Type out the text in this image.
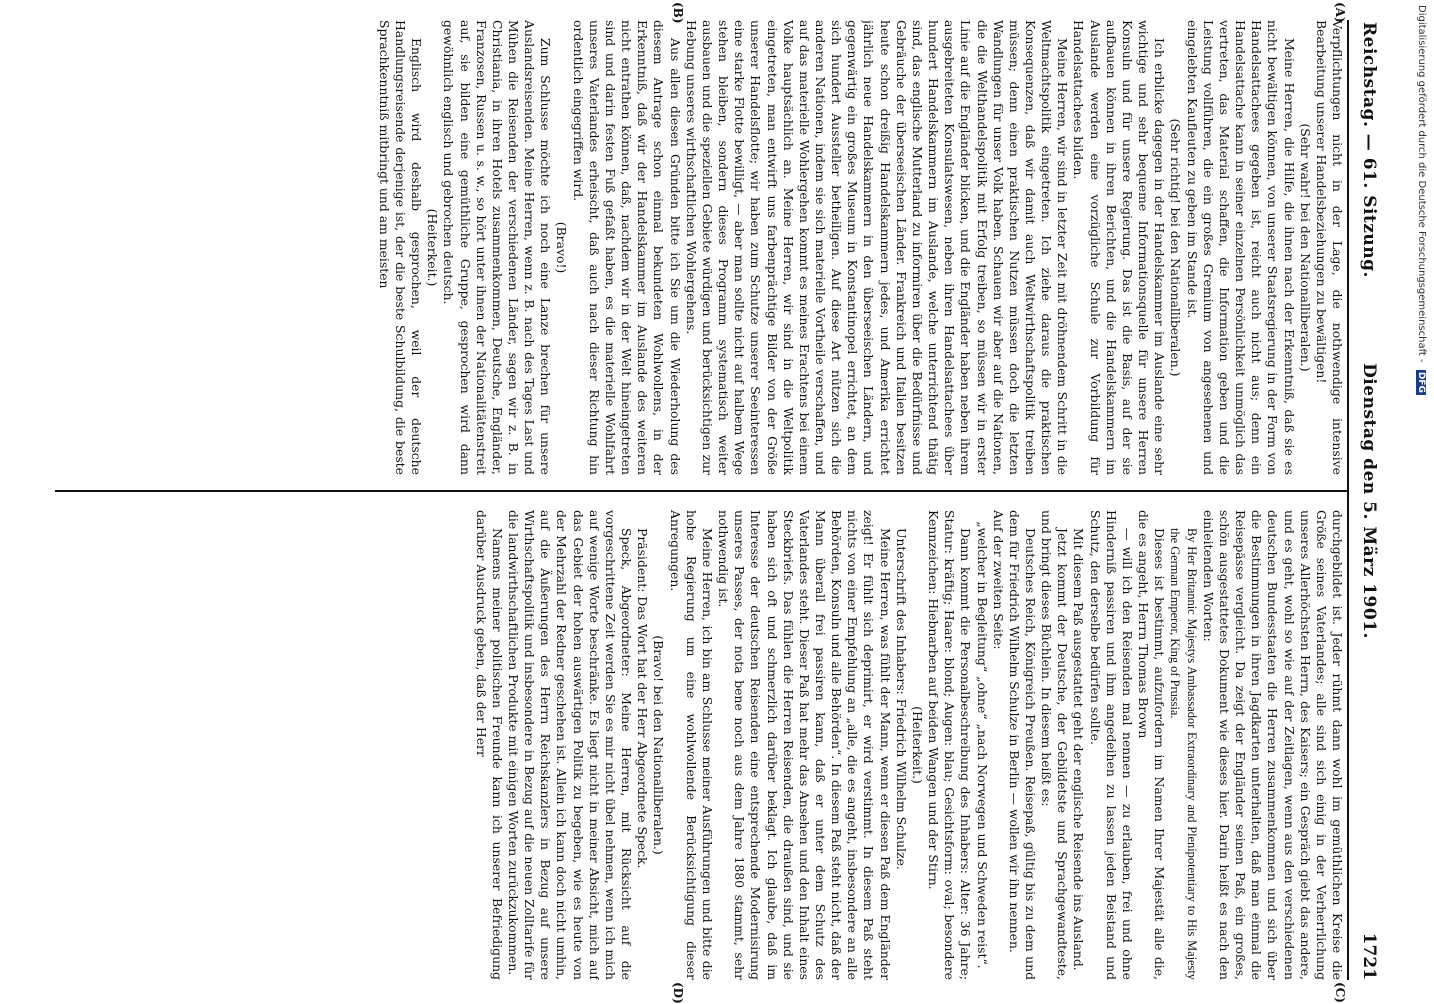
Reichstag. — 61. Sitzung.
Dienstag den 5. März 1901.
1721
(A)
(B)
(C)
(D)

Verpflichtungen nicht in der Lage, die nothwendige intensive Bearbeitung unserer Handelsbeziehungen zu bewältigen!

(Sehr wahr! bei den Nationalliberalen.)

Meine Herren, die Hilfe, die ihnen nach der Erkenntniß, daß sie es nicht bewältigen können, von unserer Staatsregierung in der Form von Handelsattachees gegeben ist, reicht auch nicht aus; denn ein Handelsattache kann in seiner einzelnen Persönlichkeit unmöglich das vertreten, das Material schaffen, die Information geben und die Leistung vollführen, die ein großes Gremium von angesehenen und eingelebten Kaufleuten zu geben im Stande ist.

(Sehr richtig! bei den Nationalliberalen.)

Ich erblicke dagegen in der Handelskammer im Auslande eine sehr wichtige und sehr bequeme Informationsquelle für unsere Herren Konsuln und für unsere Regierung. Das ist die Basis, auf der sie aufbauen können in ihren Berichten, und die Handelskammern im Auslande werden eine vorzügliche Schule zur Vorbildung für Handelsattachees bilden.

Meine Herren, wir sind in letzter Zeit mit dröhnendem Schritt in die Weltmachtspolitik eingetreten. Ich ziehe daraus die praktischen Konsequenzen, daß wir damit auch Weltwirthschaftspolitik treiben müssen; denn einen praktischen Nutzen müssen doch die letzten Wandlungen für unser Volk haben. Schauen wir aber auf die Nationen, die die Welthandelspolitik mit Erfolg treiben, so müssen wir in erster Linie auf die Engländer blicken, und die Engländer haben neben ihrem ausgebreiteten Konsulatswesen, neben ihren Handelsattachees über hundert Handelskammern im Auslande, welche unterrichtend thätig sind, das englische Mutterland zu informiren über die Bedürfnisse und Gebräuche der überseeischen Länder. Frankreich und Italien besitzen heute schon dreißig Handelskammern jedes, und Amerika errichtet jährlich neue Handelskammern in den überseeischen Ländern, und gegenwärtig ein großes Museum in Konstantinopel errichtet, an dem sich hundert Aussteller betheiligen. Auf diese Art nützen sich die anderen Nationen, indem sie sich materielle Vortheile verschaffen, und auf das materielle Wohlergehen kommt es meines Erachtens bei einem Volke hauptsächlich an. Meine Herren, wir sind in die Weltpolitik eingetreten, man entwirft uns farbenprächtige Bilder von der Größe unserer Handelsflotte; wir haben zum Schutze unserer Seeinteressen eine starke Flotte bewilligt, — aber man sollte nicht auf halbem Wege stehen bleiben, sondern dieses Programm systematisch weiter ausbauen und die speziellen Gebiete würdigen und berücksichtigen zur Hebung unseres wirthschaftlichen Wohlergehens.

Aus allen diesen Gründen bitte ich Sie um die Wiederholung des diesem Antrage schon einmal bekundeten Wohlwollens, in der Erkenntniß, daß wir der Handelskammer im Auslande des weiteren nicht entrathen können, daß, nachdem wir in der Welt hineingetreten sind und darin festen Fuß gefaßt haben, es die materielle Wohlfahrt unseres Vaterlandes erheischt, daß auch nach dieser Richtung hin ordentlich eingegriffen wird.

(Bravo!)

Zum Schlusse möchte ich noch eine Lanze brechen für unsere Auslandsreisenden. Meine Herren, wenn z. B. nach des Tages Last und Mühen die Reisenden der verschiedenen Länder, sagen wir z. B. in Christiania, in ihren Hotels zusammenkommen, Deutsche, Engländer, Franzosen, Russen u. s. w., so hört unter ihnen der Nationalitätenstreit auf, sie bilden eine gemüthliche Gruppe, gesprochen wird dann gewöhnlich englisch und gebrochen deutsch.

(Heiterkeit.)

Englisch wird deshalb gesprochen, weil der deutsche Handlungsreisende derjenige ist, der die beste Schulbildung, die beste Sprachkenntniß mitbringt und am meisten

durchgebildet ist. Jeder rühmt dann wohl im gemüthlichen Kreise die Größe seines Vaterlandes; alle sind sich einig in der Verherrlichung unseres Allerhöchsten Herrn, des Kaisers; ein Gespräch giebt das andere, und es geht, wohl so wie auf der Zeitlagen, wenn aus den verschiedenen deutschen Bundesstaaten die Herren zusammenkommen und sich über die Bestimmungen in ihren Jagdkarten unterhalten, daß man einmal die Reisepässe vergleicht. Da zeigt der Engländer seinen Paß, ein großes, schön ausgestattetes Dokument wie dieses hier. Darin heißt es nach den einleitenden Worten:

By Her Britannic Majestys Ambassador Extraordinary and Plenipotentiary to His Majesty the German Emperor, King of Prussia.

Dieses ist bestimmt, aufzufordern im Namen Ihrer Majestät alle die, die es angeht, Herrn Thomas Brown

— will ich den Reisenden mal nennen — zu erlauben, frei und ohne Hinderniß passiren und ihm angedeihen zu lassen jeden Beistand und Schutz, den derselbe bedürfen sollte.

Mit diesem Paß ausgestattet geht der englische Reisende ins Ausland.

Jetzt kommt der Deutsche, der Gebildetste und Sprachgewandteste, und bringt dieses Büchlein. In diesem heißt es:

Deutsches Reich, Königreich Preußen. Reisepaß, gültig bis zu dem und dem für Friedrich Wilhelm Schulze in Berlin — wollen wir ihn nennen.

Auf der zweiten Seite:

„welcher in Begleitung“ „ohne“ „nach Norwegen und Schweden reist“.

Dann kommt die Personalbeschreibung des Inhabers: Alter: 36 Jahre; Statur: kräftig; Haare: blond; Augen: blau; Gesichtsform: oval; besondere Kennzeichen: Hiebnarben auf beiden Wangen und der Stirn.

(Heiterkeit.)

Unterschrift des Inhabers: Friedrich Wilhelm Schulze.

Meine Herren, was fühlt der Mann, wenn er diesen Paß dem Engländer zeigt! Er fühlt sich deprimirt, er wird verstimmt. In diesem Paß steht nichts von einer Empfehlung an „alle, die es angeht, insbesondere an alle Behörden, Konsuln und alle Behörden“. In diesem Paß steht nicht, daß der Mann überall frei passiren kann, daß er unter dem Schutz des Vaterlandes steht. Dieser Paß hat mehr das Ansehen und den Inhalt eines Steckbriefs. Das fühlen die Herren Reisenden, die draußen sind, und sie haben sich oft und schmerzlich darüber beklagt. Ich glaube, daß im Interesse der deutschen Reisenden eine entsprechende Modernisirung unseres Passes, der nota bene noch aus dem Jahre 1880 stammt, sehr nothwendig ist.

Meine Herren, ich bin am Schlusse meiner Ausführungen und bitte die hohe Regierung um eine wohlwollende Berücksichtigung dieser Anregungen.

(Bravo! bei den Nationalliberalen.)

Präsident: Das Wort hat der Herr Abgeordnete Speck.

Speck, Abgeordneter: Meine Herren, mit Rücksicht auf die vorgeschrittene Zeit werden Sie es mir nicht übel nehmen, wenn ich mich auf wenige Worte beschränke. Es liegt nicht in meiner Absicht, mich auf das Gebiet der hohen auswärtigen Politik zu begeben, wie es heute von der Mehrzahl der Redner geschehen ist. Allein ich kann doch nicht umhin, auf die Äußerungen des Herrn Reichskanzlers in Bezug auf unsere Wirthschaftspolitik und insbesondere in Bezug auf die neuen Zolltarife für die landwirthschaftlichen Produkte mit einigen Worten zurückzukommen.

Namens meiner politischen Freunde kann ich unserer Befriedigung darüber Ausdruck geben, daß der Herr

Digitalisierung gefördert durch die Deutsche Forschungsgemeinschaft - DFG
